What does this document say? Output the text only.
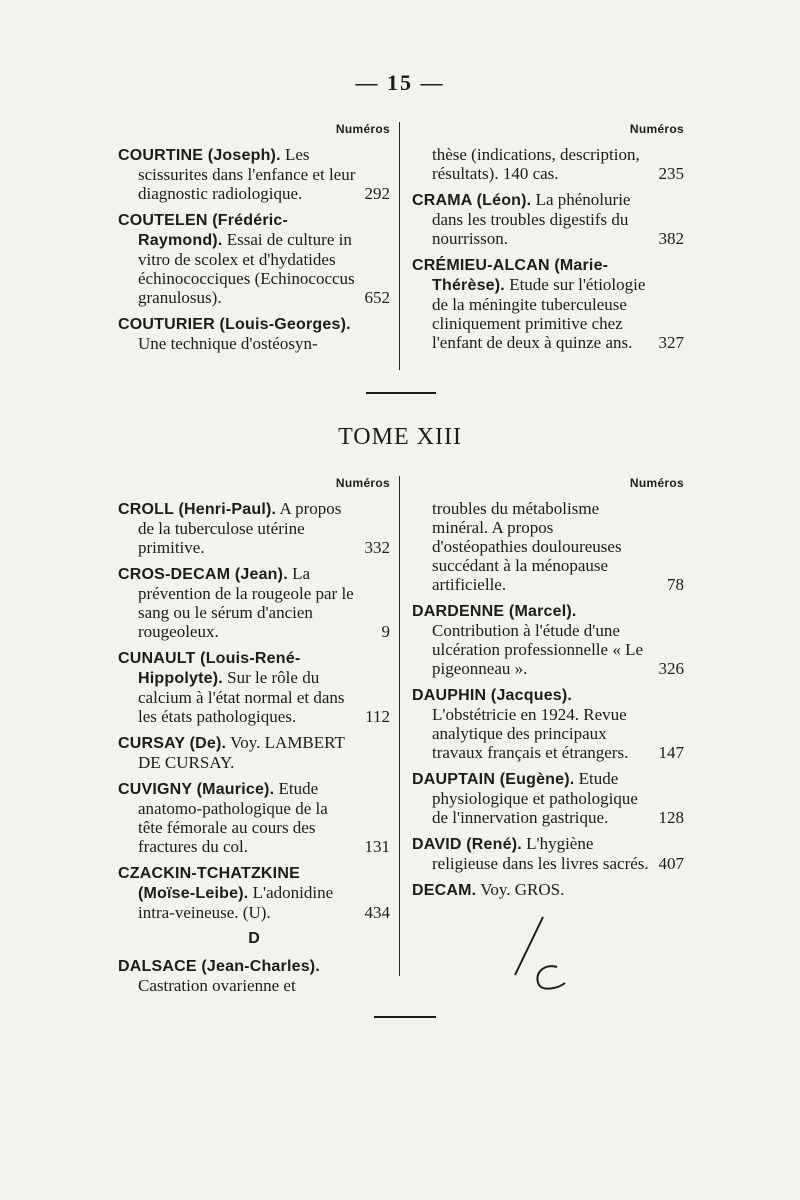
— 15 —
Numéros
COURTINE (Joseph). Les scissurites dans l'enfance et leur diagnostic radiologique.	292
COUTELEN (Frédéric-Raymond). Essai de culture in vitro de scolex et d'hydatides échinococciques (Echinococcus granulosus).	652
COUTURIER (Louis-Georges). Une technique d'ostéosyn-
Numéros
thèse (indications, description, résultats). 140 cas.	235
CRAMA (Léon). La phénolurie dans les troubles digestifs du nourrisson.	382
CRÉMIEU-ALCAN (Marie-Thérèse). Etude sur l'étiologie de la méningite tuberculeuse cliniquement primitive chez l'enfant de deux à quinze ans. 327
TOME XIII
Numéros
CROLL (Henri-Paul). A propos de la tuberculose utérine primitive.	332
CROS-DECAM (Jean). La prévention de la rougeole par le sang ou le sérum d'ancien rougeoleux.	9
CUNAULT (Louis-René-Hippolyte). Sur le rôle du calcium à l'état normal et dans les états pathologiques.	112
CURSAY (De). Voy. LAMBERT DE CURSAY.
CUVIGNY (Maurice). Etude anatomo-pathologique de la tête fémorale au cours des fractures du col.	131
CZACKIN-TCHATZKINE (Moïse-Leibe). L'adonidine intra-veineuse. (U).	434
D
DALSACE (Jean-Charles). Castration ovarienne et
Numéros
troubles du métabolisme minéral. A propos d'ostéopathies douloureuses succédant à la ménopause artificielle.	78
DARDENNE (Marcel). Contribution à l'étude d'une ulcération professionnelle « Le pigeonneau ».	326
DAUPHIN (Jacques). L'obstétricie en 1924. Revue analytique des principaux travaux français et étrangers. 147
DAUPTAIN (Eugène). Etude physiologique et pathologique de l'innervation gastrique.	128
DAVID (René). L'hygiène religieuse dans les livres sacrés. 407
DECAM. Voy. GROS.
